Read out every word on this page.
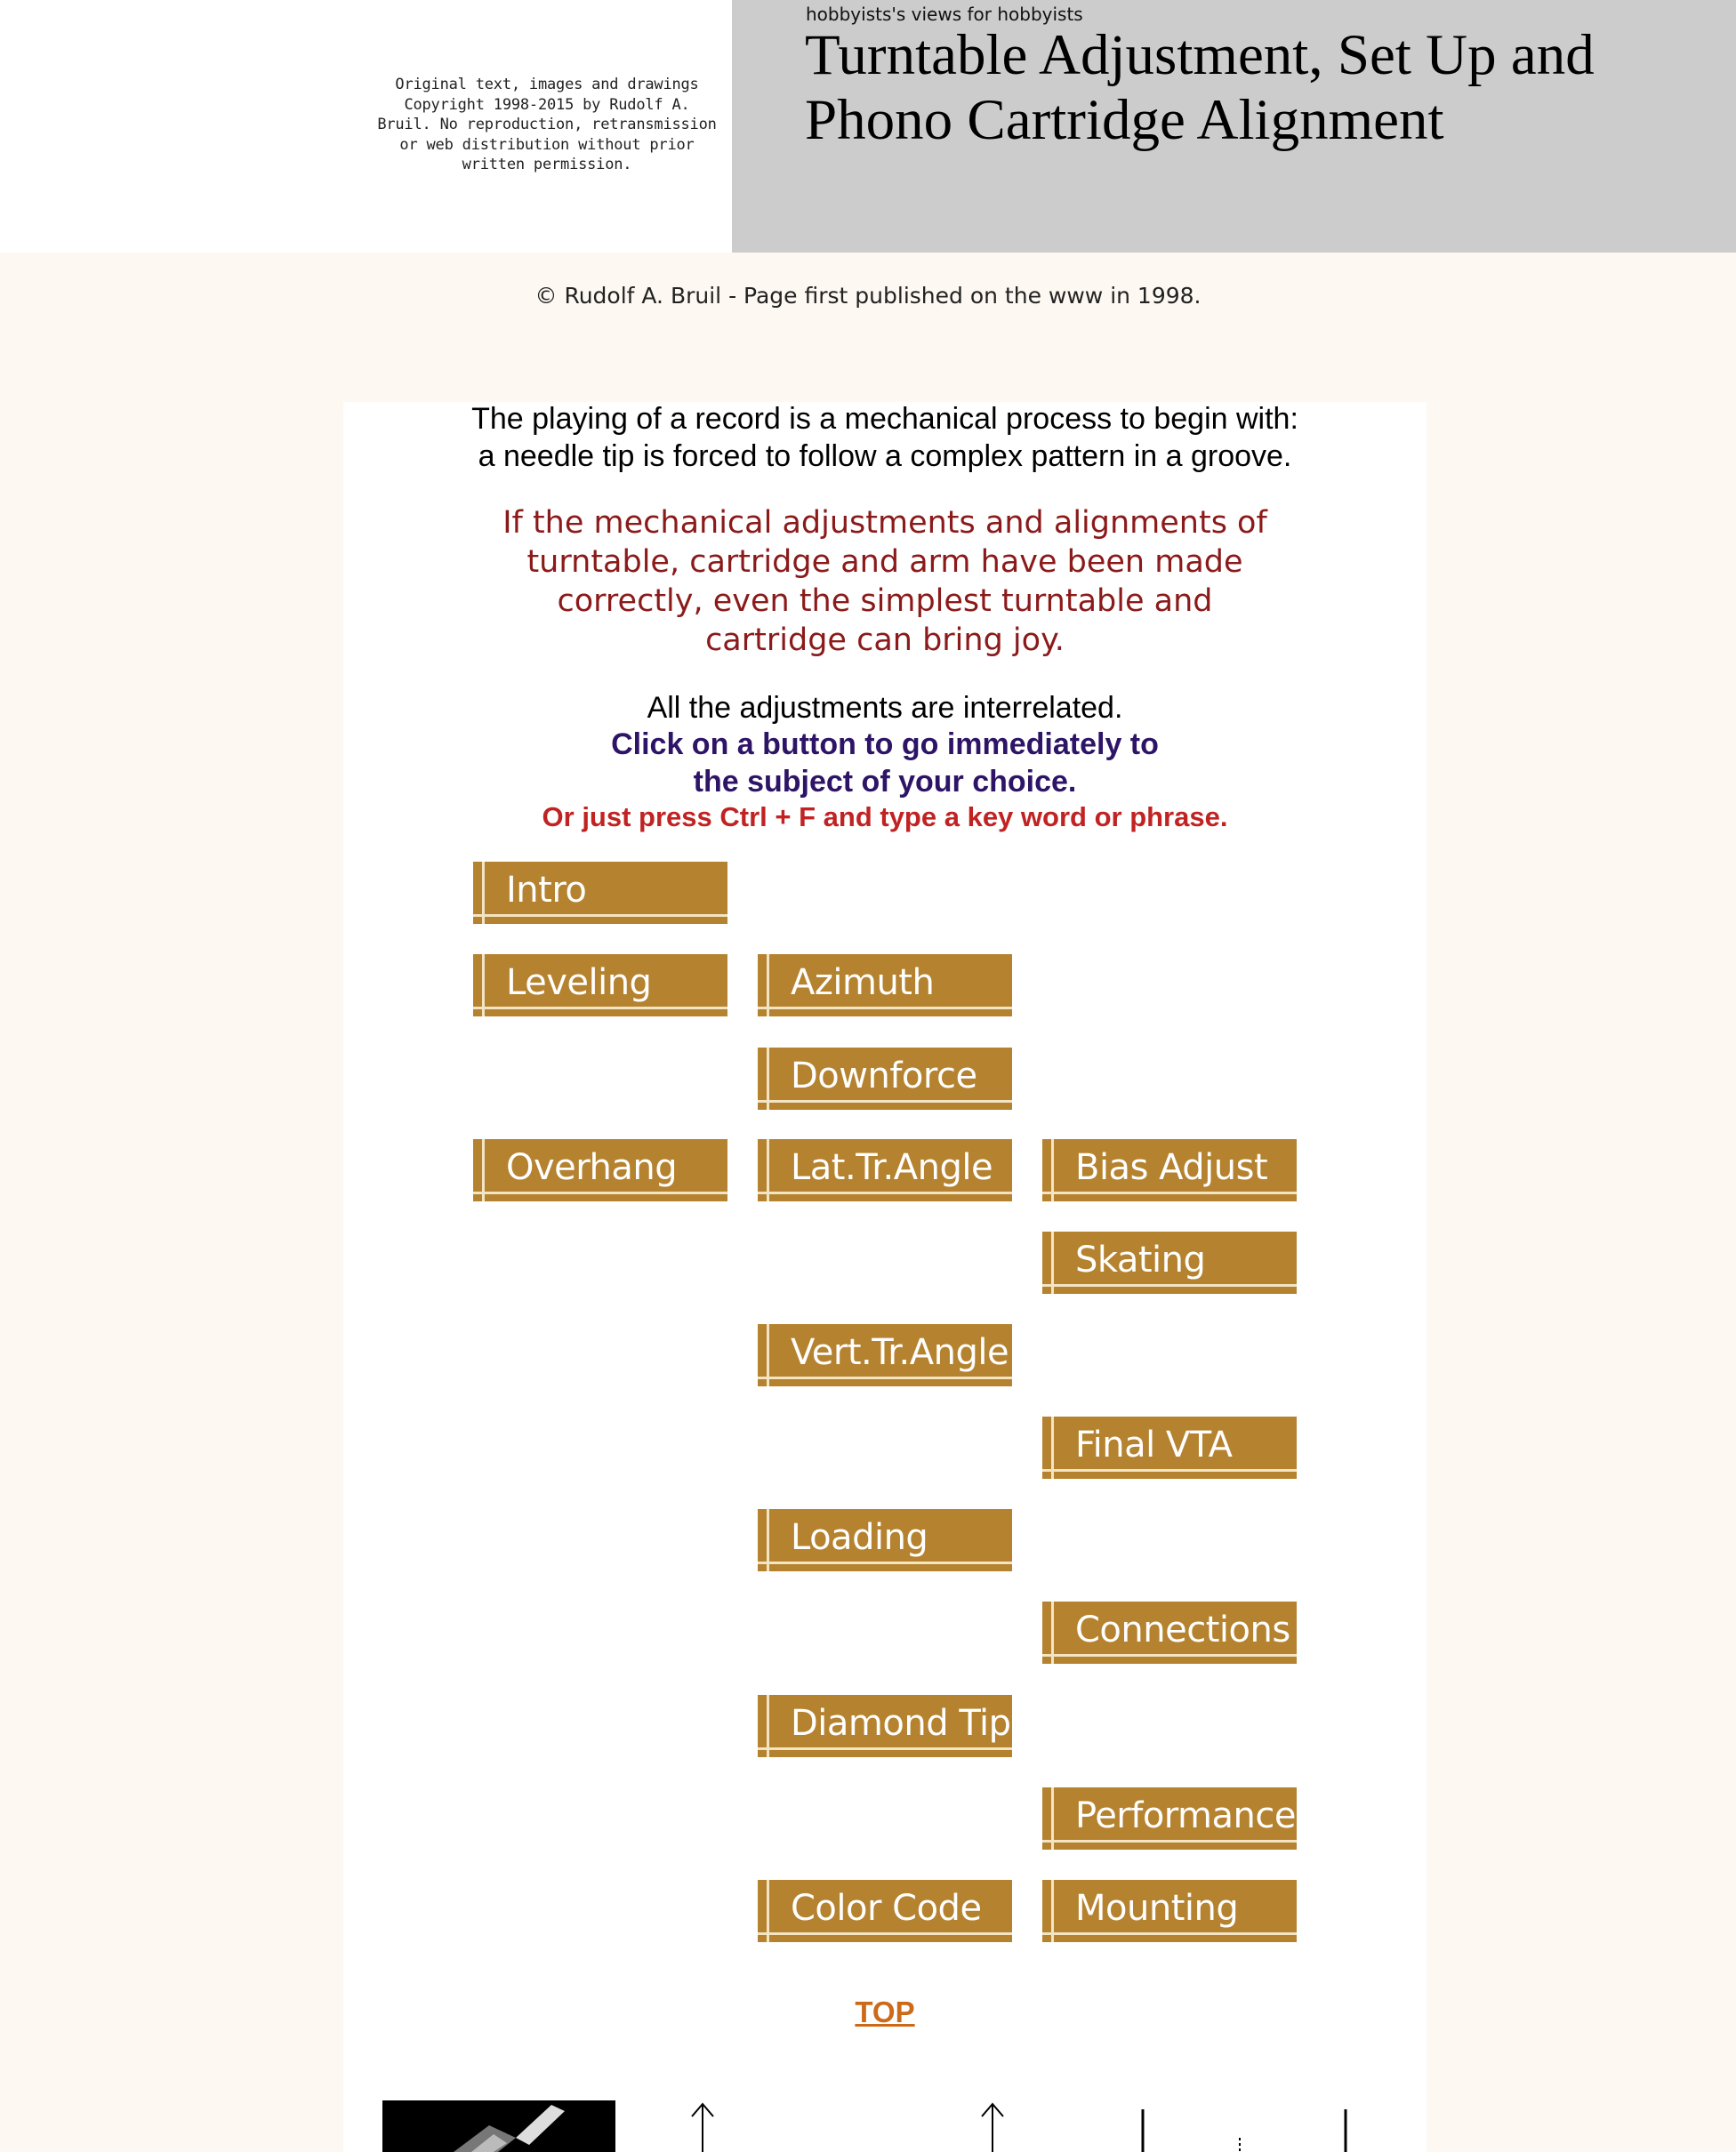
Original text, images and drawings Copyright 1998-2015 by Rudolf A. Bruil. No reproduction, retransmission or web distribution without prior written permission.
hobbyists's views for hobbyists
Turntable Adjustment, Set Up and Phono Cartridge Alignment
© Rudolf A. Bruil - Page first published on the www in 1998.
The playing of a record is a mechanical process to begin with:
a needle tip is forced to follow a complex pattern in a groove.
If the mechanical adjustments and alignments of turntable, cartridge and arm have been made correctly, even the simplest turntable and cartridge can bring joy.
All the adjustments are interrelated.
Click on a button to go immediately to
the subject of your choice.
Or just press Ctrl + F and type a key word or phrase.
Intro
Leveling	Azimuth
Downforce
Overhang	Lat.Tr.Angle Bias Adjust
Skating
Vert.Tr.Angle
Final VTA
Loading
Connections
Diamond Tip
Performance
Color Code	Mounting
TOP
